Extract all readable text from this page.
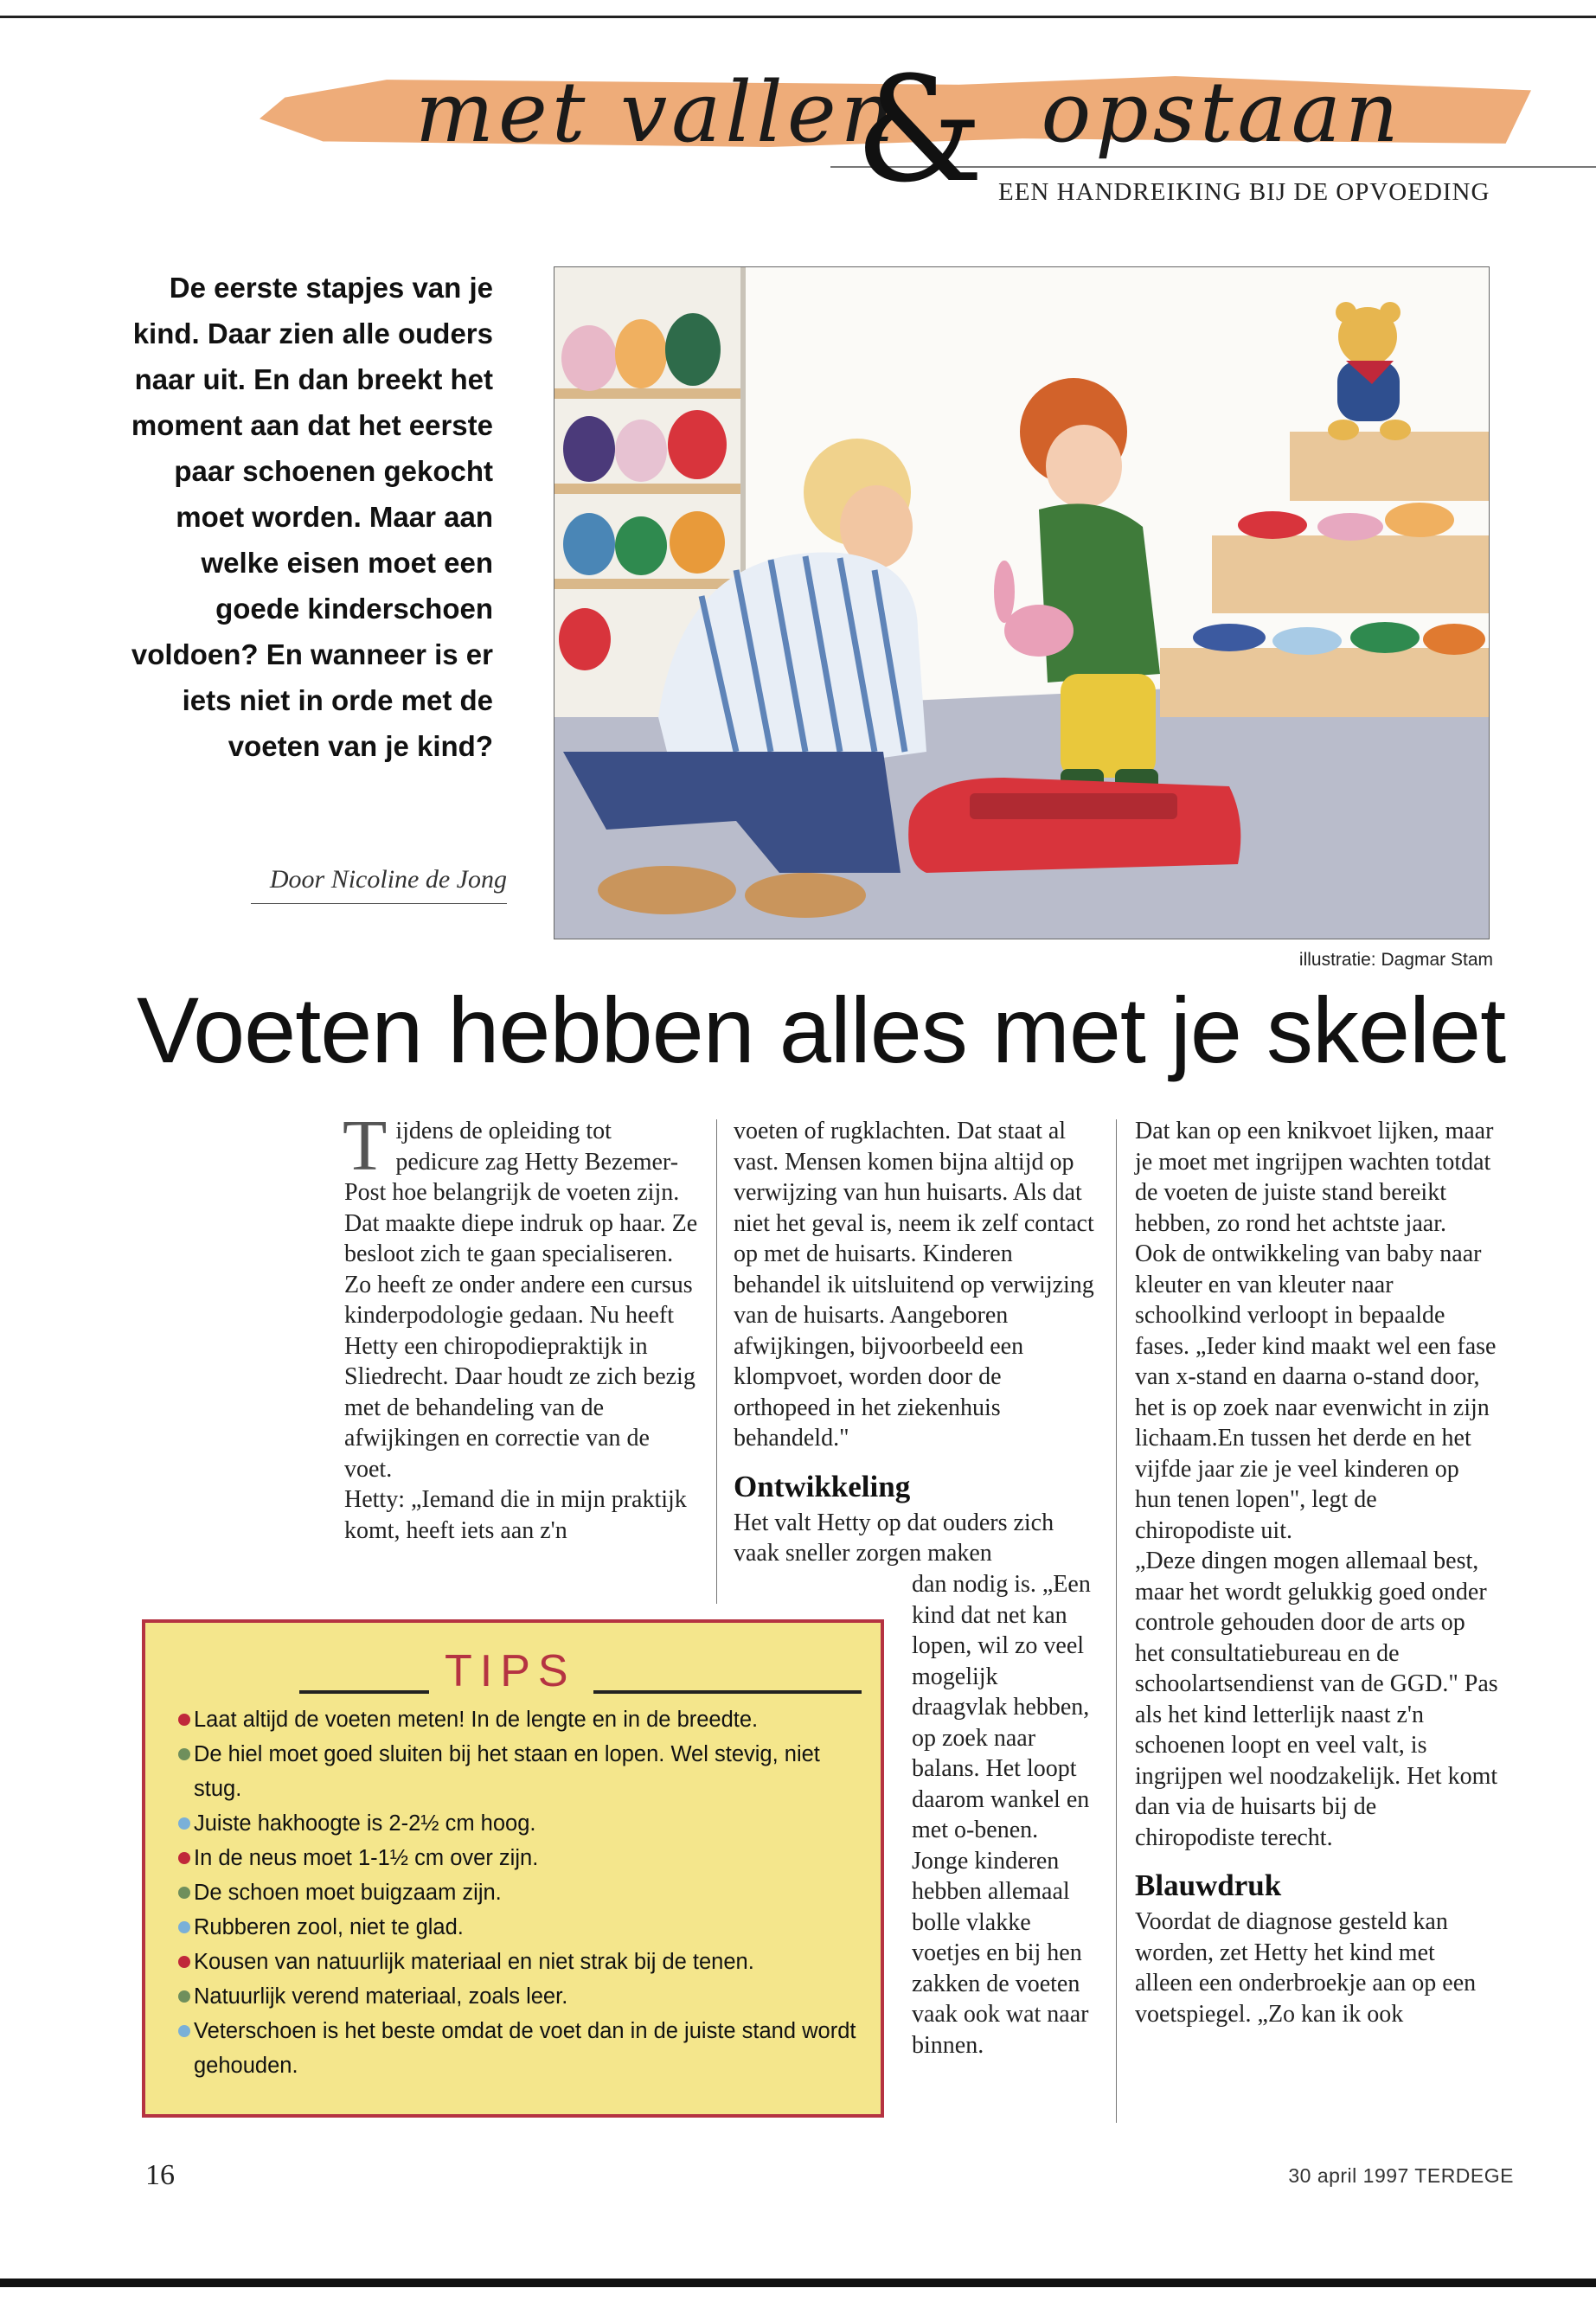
met vallen opstaan
& EEN HANDREIKING BIJ DE OPVOEDING
De eerste stapjes van je kind. Daar zien alle ouders naar uit. En dan breekt het moment aan dat het eerste paar schoenen gekocht moet worden. Maar aan welke eisen moet een goede kinderschoen voldoen? En wanneer is er iets niet in orde met de voeten van je kind?
Door Nicoline de Jong
illustratie: Dagmar Stam
Voeten hebben alles met je skelet
T ijdens de opleiding tot pedicure zag Hetty Bezemer-Post hoe belangrijk de voeten zijn. Dat maakte diepe indruk op haar. Ze besloot zich te gaan specialiseren. Zo heeft ze onder andere een cursus kinderpodologie gedaan. Nu heeft Hetty een chiropodiepraktijk in Sliedrecht. Daar houdt ze zich bezig met de behandeling van de afwijkingen en correctie van de voet.

Hetty: „Iemand die in mijn praktijk komt, heeft iets aan z'n

voeten of rugklachten. Dat staat al vast. Mensen komen bijna altijd op verwijzing van hun huisarts. Als dat niet het geval is, neem ik zelf contact op met de huisarts. Kinderen behandel ik uitsluitend op verwijzing van de huisarts. Aangeboren afwijkingen, bijvoorbeeld een klompvoet, worden door de orthopeed in het ziekenhuis behandeld."

Ontwikkeling

Het valt Hetty op dat ouders zich vaak sneller zorgen maken

dan nodig is. „Een kind dat net kan lopen, wil zo veel mogelijk draagvlak hebben, op zoek naar balans. Het loopt daarom wankel en met o-benen. Jonge kinderen hebben allemaal bolle vlakke voetjes en bij hen zakken de voeten vaak ook wat naar binnen.

Dat kan op een knikvoet lijken, maar je moet met ingrijpen wachten totdat de voeten de juiste stand bereikt hebben, zo rond het achtste jaar.

Ook de ontwikkeling van baby naar kleuter en van kleuter naar schoolkind verloopt in bepaalde fases. „Ieder kind maakt wel een fase van x-stand en daarna o-stand door, het is op zoek naar evenwicht in zijn lichaam.En tussen het derde en het vijfde jaar zie je veel kinderen op hun tenen lopen", legt de chiropodiste uit.

„Deze dingen mogen allemaal best, maar het wordt gelukkig goed onder controle gehouden door de arts op het consultatiebureau en de schoolartsendienst van de GGD." Pas als het kind letterlijk naast z'n schoenen loopt en veel valt, is ingrijpen wel noodzakelijk. Het komt dan via de huisarts bij de chiropodiste terecht.

Blauwdruk

Voordat de diagnose gesteld kan worden, zet Hetty het kind met alleen een onderbroekje aan op een voetspiegel. „Zo kan ik ook

TIPS
Laat altijd de voeten meten! In de lengte en in de breedte.
De hiel moet goed sluiten bij het staan en lopen. Wel stevig, niet stug.
Juiste hakhoogte is 2-2½ cm hoog.
In de neus moet 1-1½ cm over zijn.
De schoen moet buigzaam zijn.
Rubberen zool, niet te glad.
Kousen van natuurlijk materiaal en niet strak bij de tenen.
Natuurlijk verend materiaal, zoals leer.
Veterschoen is het beste omdat de voet dan in de juiste stand wordt gehouden.
16	30 april 1997 TERDEGE
